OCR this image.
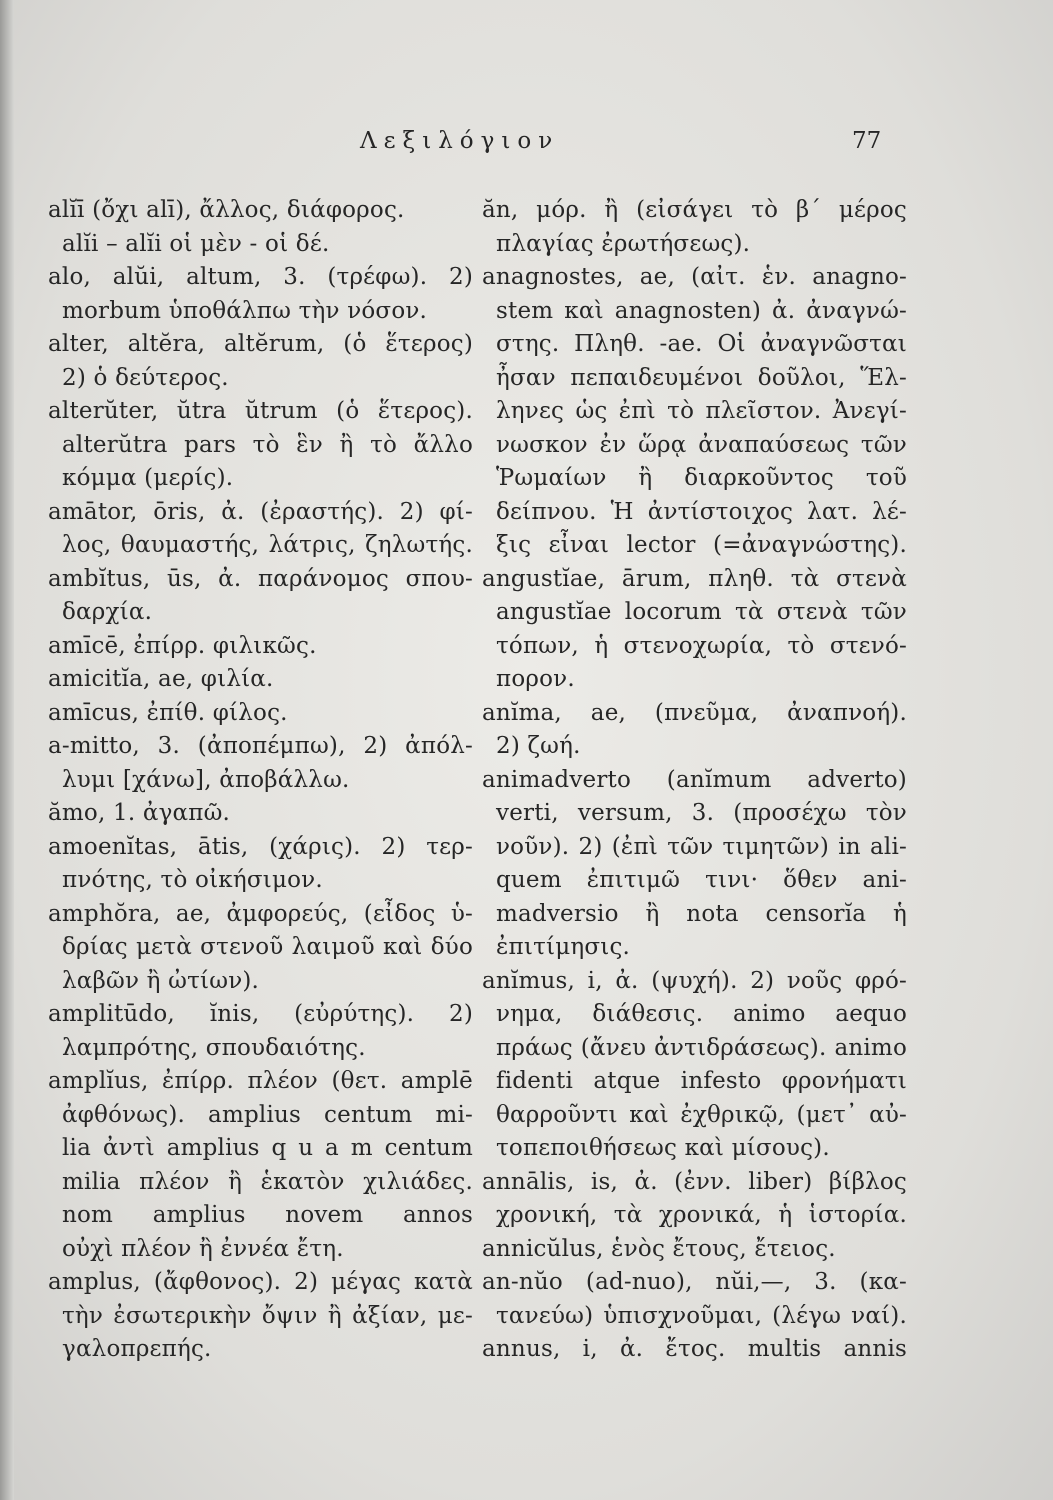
Λεξιλόγιον	77
alĭī (ὄχι alī), ἄλλος, διάφορος.
alĭi – alĭi οἱ μὲν - οἱ δέ.
alo, alŭi, altum, 3. (τρέφω). 2)
morbum ὑποθάλπω τὴν νόσον.
alter, altĕra, altĕrum, (ὁ ἕτερος)
2) ὁ δεύτερος.
alterŭter, ŭtra ŭtrum (ὁ ἕτερος).
alterŭtra pars τὸ ἓν ἢ τὸ ἄλλο
κόμμα (μερίς).
amātor, ōris, ἀ. (ἐραστής). 2) φί-
λος, θαυμαστής, λάτρις, ζηλωτής.
ambĭtus, ūs, ἀ. παράνομος σπου-
δαρχία.
amīcē, ἐπίρρ. φιλικῶς.
amicitĭa, ae, φιλία.
amīcus, ἐπίθ. φίλος.
a-mitto, 3. (ἀποπέμπω), 2) ἀπόλ-
λυμι [χάνω], ἀποβάλλω.
ămo, 1. ἀγαπῶ.
amoenĭtas, ātis, (χάρις). 2) τερ-
πνότης, τὸ οἰκήσιμον.
amphŏra, ae, ἀμφορεύς, (εἶδος ὑ-
δρίας μετὰ στενοῦ λαιμοῦ καὶ δύο
λαβῶν ἢ ὠτίων).
amplitūdo, ĭnis, (εὐρύτης). 2)
λαμπρότης, σπουδαιότης.
amplĭus, ἐπίρρ. πλέον (θετ. amplē
ἀφθόνως). amplius centum mi-
lia ἀντὶ amplius q u a m centum
milia πλέον ἢ ἑκατὸν χιλιάδες.
nom amplius novem annos
οὐχὶ πλέον ἢ ἐννέα ἔτη.
amplus, (ἄφθονος). 2) μέγας κατὰ
τὴν ἐσωτερικὴν ὄψιν ἢ ἀξίαν, με-
γαλοπρεπής.
ăn, μόρ. ἢ (εἰσάγει τὸ β΄ μέρος
πλαγίας ἐρωτήσεως).
anagnostes, ae, (αἰτ. ἑν. anagno-
stem καὶ anagnosten) ἀ. ἀναγνώ-
στης. Πληθ. -ae. Οἱ ἀναγνῶσται
ἦσαν πεπαιδευμένοι δοῦλοι, Ἕλ-
ληνες ὡς ἐπὶ τὸ πλεῖστον. Ἀνεγί-
νωσκον ἐν ὥρᾳ ἀναπαύσεως τῶν
Ῥωμαίων ἢ διαρκοῦντος τοῦ
δείπνου. Ἡ ἀντίστοιχος λατ. λέ-
ξις εἶναι lector (=ἀναγνώστης).
angustĭae, ārum, πληθ. τὰ στενὰ
angustĭae locorum τὰ στενὰ τῶν
τόπων, ἡ στενοχωρία, τὸ στενό-
πορον.
anĭma, ae, (πνεῦμα, ἀναπνοή).
2) ζωή.
animadverto (anĭmum adverto)
verti, versum, 3. (προσέχω τὸν
νοῦν). 2) (ἐπὶ τῶν τιμητῶν) in ali-
quem ἐπιτιμῶ τινι· ὅθεν ani-
madversio ἢ nota censorĭa ἡ
ἐπιτίμησις.
anĭmus, i, ἀ. (ψυχή). 2) νοῦς φρό-
νημα, διάθεσις. animo aequo
πράως (ἄνευ ἀντιδράσεως). animo
fidenti atque infesto φρονήματι
θαρροῦντι καὶ ἐχθρικῷ, (μετ᾿ αὐ-
τοπεποιθήσεως καὶ μίσους).
annālis, is, ἀ. (ἐνν. liber) βίβλος
χρονική, τὰ χρονικά, ἡ ἱστορία.
annicŭlus, ἑνὸς ἔτους, ἔτειος.
an-nŭo (ad-nuo), nŭi,—, 3. (κα-
τανεύω) ὑπισχνοῦμαι, (λέγω ναί).
annus, i, ἀ. ἔτος. multis annis
